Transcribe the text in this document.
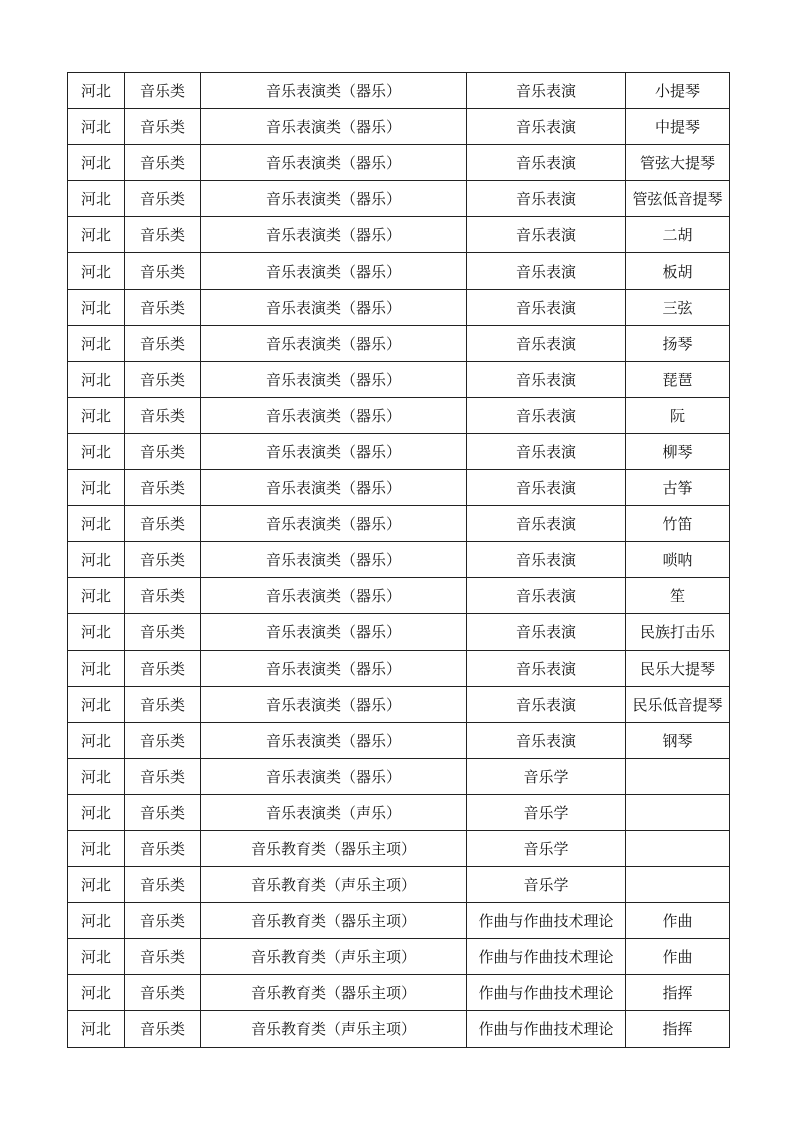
河北	音乐类	音乐表演类（器乐）	音乐表演	小提琴
河北	音乐类	音乐表演类（器乐）	音乐表演	中提琴
河北	音乐类	音乐表演类（器乐）	音乐表演	管弦大提琴
河北	音乐类	音乐表演类（器乐）	音乐表演	管弦低音提琴
河北	音乐类	音乐表演类（器乐）	音乐表演	二胡
河北	音乐类	音乐表演类（器乐）	音乐表演	板胡
河北	音乐类	音乐表演类（器乐）	音乐表演	三弦
河北	音乐类	音乐表演类（器乐）	音乐表演	扬琴
河北	音乐类	音乐表演类（器乐）	音乐表演	琵琶
河北	音乐类	音乐表演类（器乐）	音乐表演	阮
河北	音乐类	音乐表演类（器乐）	音乐表演	柳琴
河北	音乐类	音乐表演类（器乐）	音乐表演	古筝
河北	音乐类	音乐表演类（器乐）	音乐表演	竹笛
河北	音乐类	音乐表演类（器乐）	音乐表演	唢呐
河北	音乐类	音乐表演类（器乐）	音乐表演	笙
河北	音乐类	音乐表演类（器乐）	音乐表演	民族打击乐
河北	音乐类	音乐表演类（器乐）	音乐表演	民乐大提琴
河北	音乐类	音乐表演类（器乐）	音乐表演	民乐低音提琴
河北	音乐类	音乐表演类（器乐）	音乐表演	钢琴
河北	音乐类	音乐表演类（器乐）	音乐学	
河北	音乐类	音乐表演类（声乐）	音乐学	
河北	音乐类	音乐教育类（器乐主项）	音乐学	
河北	音乐类	音乐教育类（声乐主项）	音乐学	
河北	音乐类	音乐教育类（器乐主项）	作曲与作曲技术理论	作曲
河北	音乐类	音乐教育类（声乐主项）	作曲与作曲技术理论	作曲
河北	音乐类	音乐教育类（器乐主项）	作曲与作曲技术理论	指挥
河北	音乐类	音乐教育类（声乐主项）	作曲与作曲技术理论	指挥
